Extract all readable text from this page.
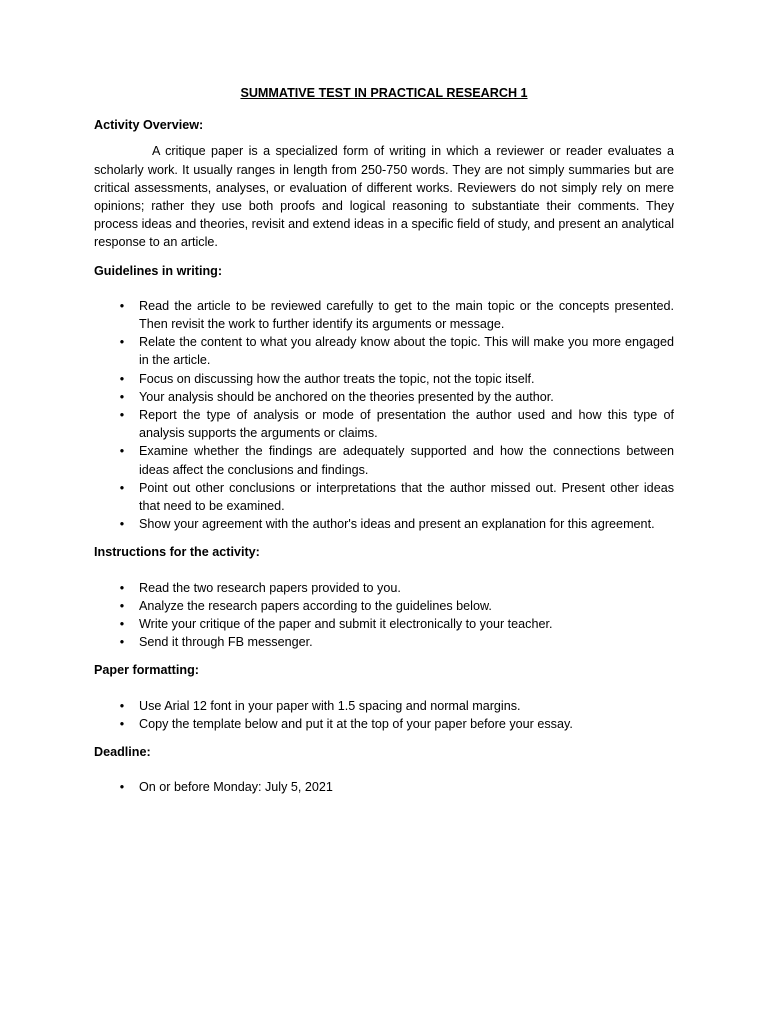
SUMMATIVE TEST IN PRACTICAL RESEARCH 1
Activity Overview:
A critique paper is a specialized form of writing in which a reviewer or reader evaluates a scholarly work. It usually ranges in length from 250-750 words. They are not simply summaries but are critical assessments, analyses, or evaluation of different works. Reviewers do not simply rely on mere opinions; rather they use both proofs and logical reasoning to substantiate their comments. They process ideas and theories, revisit and extend ideas in a specific field of study, and present an analytical response to an article.
Guidelines in writing:
•	Read the article to be reviewed carefully to get to the main topic or the concepts presented. Then revisit the work to further identify its arguments or message.
•	Relate the content to what you already know about the topic. This will make you more engaged in the article.
•	Focus on discussing how the author treats the topic, not the topic itself.
•	Your analysis should be anchored on the theories presented by the author.
•	Report the type of analysis or mode of presentation the author used and how this type of analysis supports the arguments or claims.
•	Examine whether the findings are adequately supported and how the connections between ideas affect the conclusions and findings.
•	Point out other conclusions or interpretations that the author missed out. Present other ideas that need to be examined.
•	Show your agreement with the author's ideas and present an explanation for this agreement.
Instructions for the activity:
•	Read the two research papers provided to you.
•	Analyze the research papers according to the guidelines below.
•	Write your critique of the paper and submit it electronically to your teacher.
•	Send it through FB messenger.
Paper formatting:
•	Use Arial 12 font in your paper with 1.5 spacing and normal margins.
•	Copy the template below and put it at the top of your paper before your essay.
Deadline:
•	On or before Monday: July 5, 2021
